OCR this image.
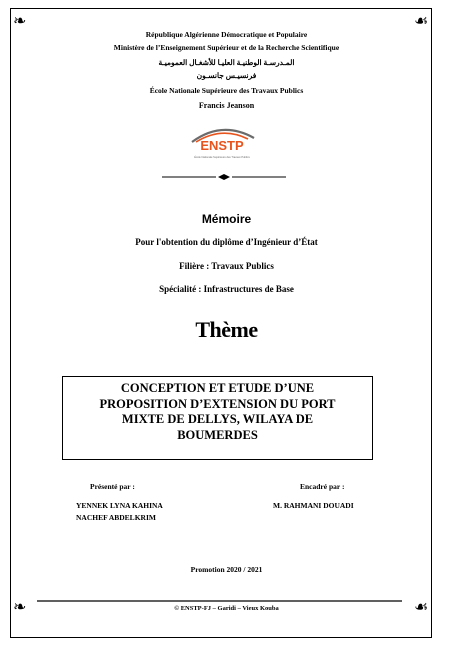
❧	☙
❧	☙
République Algérienne Démocratique et Populaire
Ministère de l’Enseignement Supérieur et de la Recherche Scientifique
المـدرسـة الوطنيـة العليـا للأشغـال العموميـة
فرنسيـس جانسـون
École Nationale Supérieure des Travaux Publics
Francis Jeanson
ENSTP
École Nationale Supérieure des Travaux Publics
Mémoire
Pour l'obtention du diplôme d’Ingénieur d’État
Filière : Travaux Publics
Spécialité : Infrastructures de Base
Thème
CONCEPTION ET ETUDE D’UNE
PROPOSITION D’EXTENSION DU PORT
MIXTE DE DELLYS, WILAYA DE
BOUMERDES
Présenté par :	Encadré par :
YENNEK LYNA KAHINA
NACHEF ABDELKRIM
M. RAHMANI DOUADI
Promotion 2020 / 2021
© ENSTP-FJ – Garidi – Vieux Kouba
